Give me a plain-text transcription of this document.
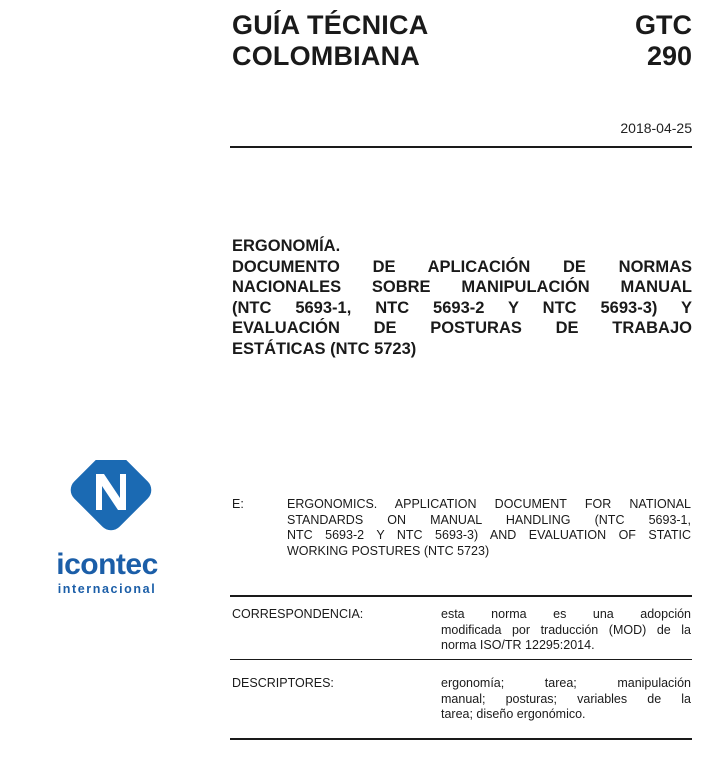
GUÍA TÉCNICA
COLOMBIANA
GTC
290
2018-04-25
ERGONOMÍA.
DOCUMENTO DE APLICACIÓN DE NORMAS
NACIONALES SOBRE MANIPULACIÓN MANUAL
(NTC 5693-1, NTC 5693-2 Y NTC 5693-3) Y
EVALUACIÓN DE POSTURAS DE TRABAJO
ESTÁTICAS (NTC 5723)
E:	ERGONOMICS. APPLICATION DOCUMENT FOR NATIONAL
STANDARDS ON MANUAL HANDLING (NTC 5693-1,
NTC 5693-2 Y NTC 5693-3) AND EVALUATION OF STATIC
WORKING POSTURES (NTC 5723)
CORRESPONDENCIA:	esta norma es una adopción
modificada por traducción (MOD) de la
norma ISO/TR 12295:2014.
DESCRIPTORES:	ergonomía; tarea; manipulación
manual; posturas; variables de la
tarea; diseño ergonómico.
icontec
internacional
